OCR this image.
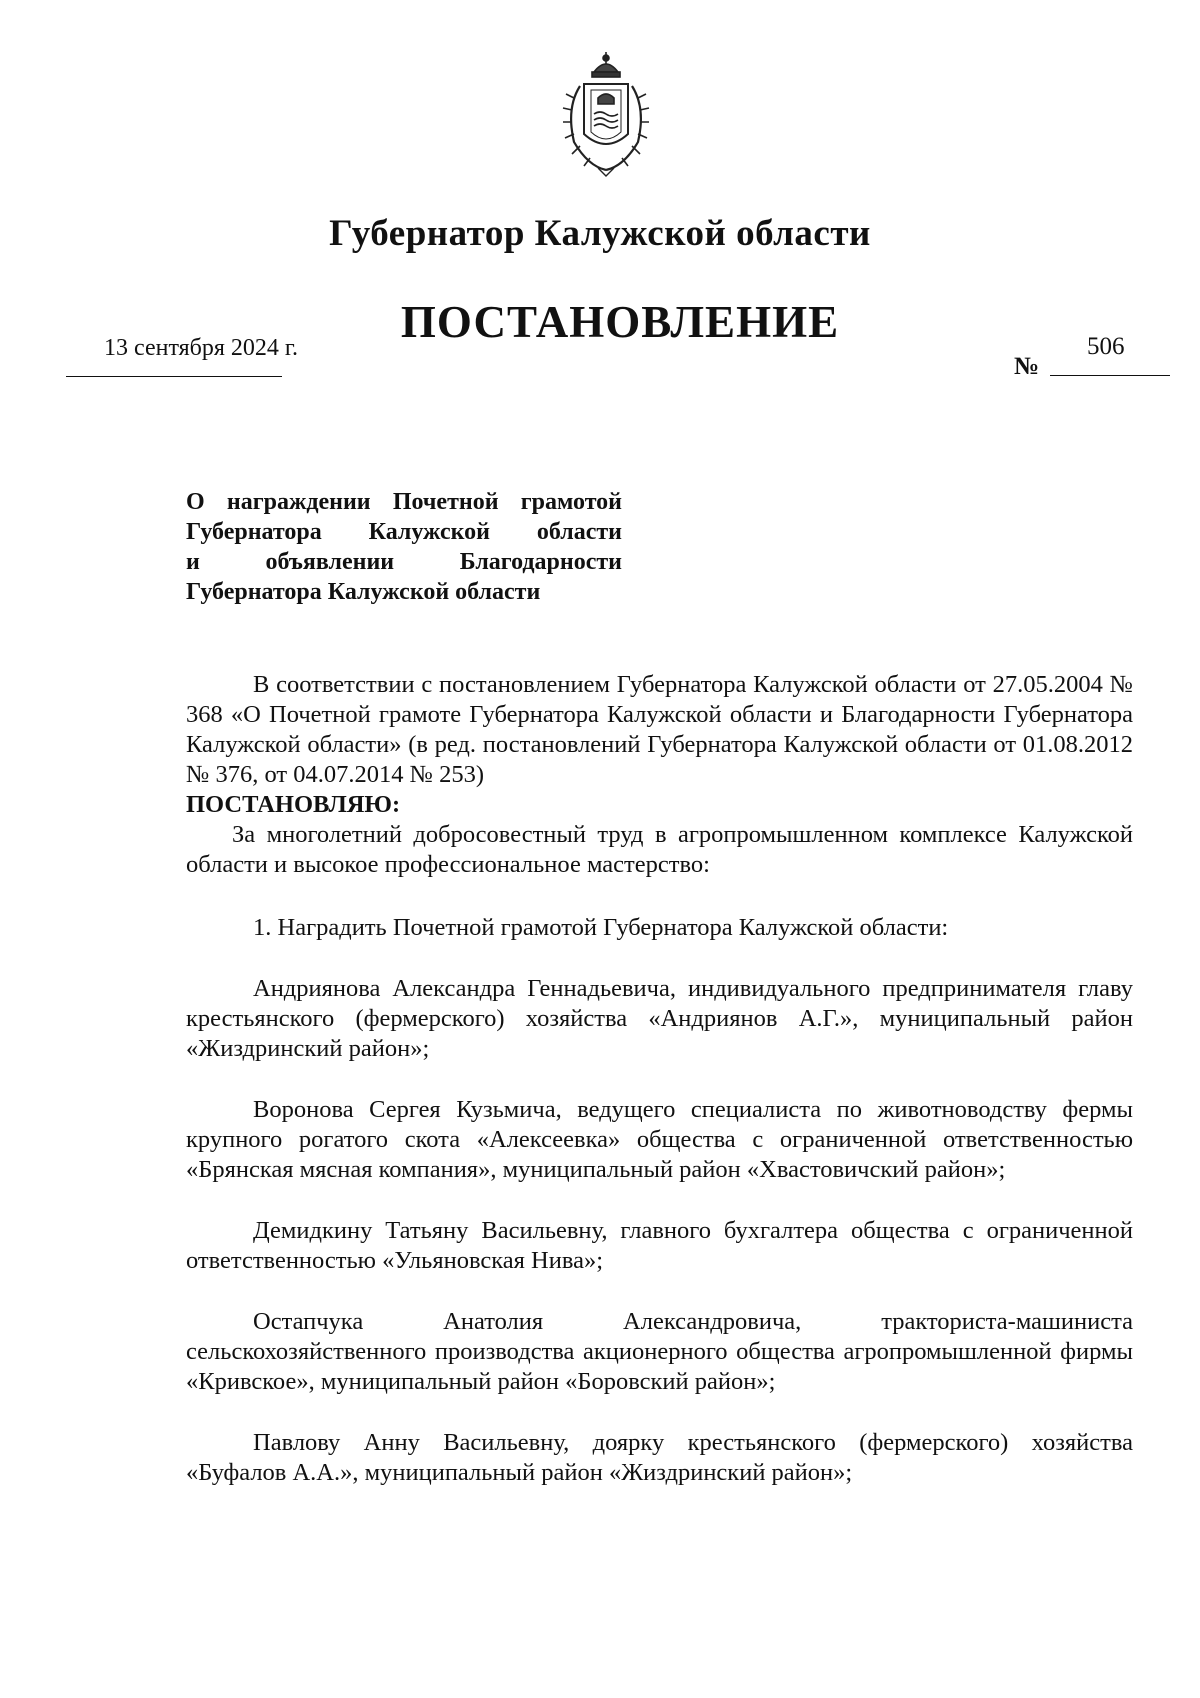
Губернатор Калужской области
ПОСТАНОВЛЕНИЕ
13 сентября 2024 г.
№
506
О награждении Почетной грамотой
Губернатора Калужской области
и объявлении Благодарности
Губернатора Калужской области

В соответствии с постановлением Губернатора Калужской области от 27.05.2004 № 368 «О Почетной грамоте Губернатора Калужской области и Благодарности Губернатора Калужской области» (в ред. постановлений Губернатора Калужской области от 01.08.2012 № 376, от 04.07.2014 № 253)

ПОСТАНОВЛЯЮ:

За многолетний добросовестный труд в агропромышленном комплексе Калужской области и высокое профессиональное мастерство:

1. Наградить Почетной грамотой Губернатора Калужской области:

Андриянова Александра Геннадьевича, индивидуального предпринимателя главу крестьянского (фермерского) хозяйства «Андриянов А.Г.», муниципальный район «Жиздринский район»;

Воронова Сергея Кузьмича, ведущего специалиста по животноводству фермы крупного рогатого скота «Алексеевка» общества с ограниченной ответственностью «Брянская мясная компания», муниципальный район «Хвастовичский район»;

Демидкину Татьяну Васильевну, главного бухгалтера общества с ограниченной ответственностью «Ульяновская Нива»;

Остапчука Анатолия Александровича, тракториста-машиниста сельскохозяйственного производства акционерного общества агропромышленной фирмы «Кривское», муниципальный район «Боровский район»;

Павлову Анну Васильевну, доярку крестьянского (фермерского) хозяйства «Буфалов А.А.», муниципальный район «Жиздринский район»;
